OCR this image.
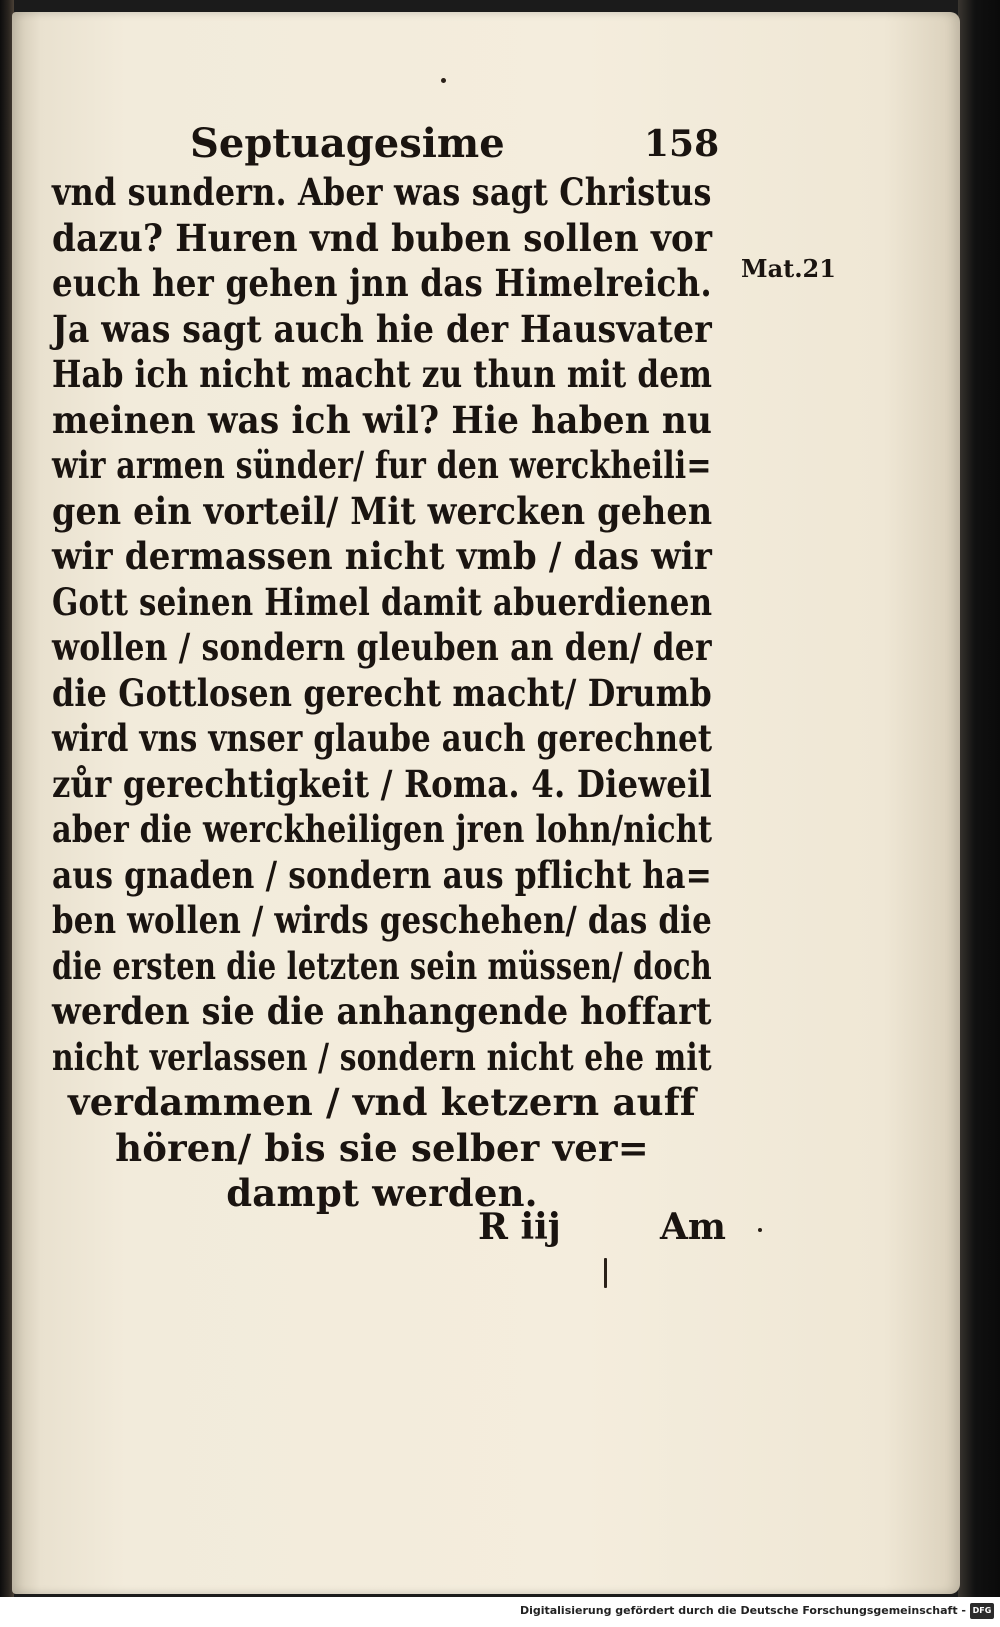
Septuagesime	158
vnd sundern. Aber was sagt Christus
dazu? Huren vnd buben sollen vor
euch her gehen jnn das Himelreich.
Ja was sagt auch hie der Hausvater
Hab ich nicht macht zu thun mit dem
meinen was ich wil? Hie haben nu
wir armen sünder/ fur den werckheili=
gen ein vorteil/ Mit wercken gehen
wir dermassen nicht vmb / das wir
Gott seinen Himel damit abuerdienen
wollen / sondern gleuben an den/ der
die Gottlosen gerecht macht/ Drumb
wird vns vnser glaube auch gerechnet
zůr gerechtigkeit / Roma. 4. Dieweil
aber die werckheiligen jren lohn/nicht
aus gnaden / sondern aus pflicht ha=
ben wollen / wirds geschehen/ das die
die ersten die letzten sein müssen/ doch
werden sie die anhangende hoffart
nicht verlassen / sondern nicht ehe mit
verdammen / vnd ketzern auff
hören/ bis sie selber ver=
dampt werden.
Mat.21
R iij	Am
Digitalisierung gefördert durch die Deutsche Forschungsgemeinschaft - DFG
